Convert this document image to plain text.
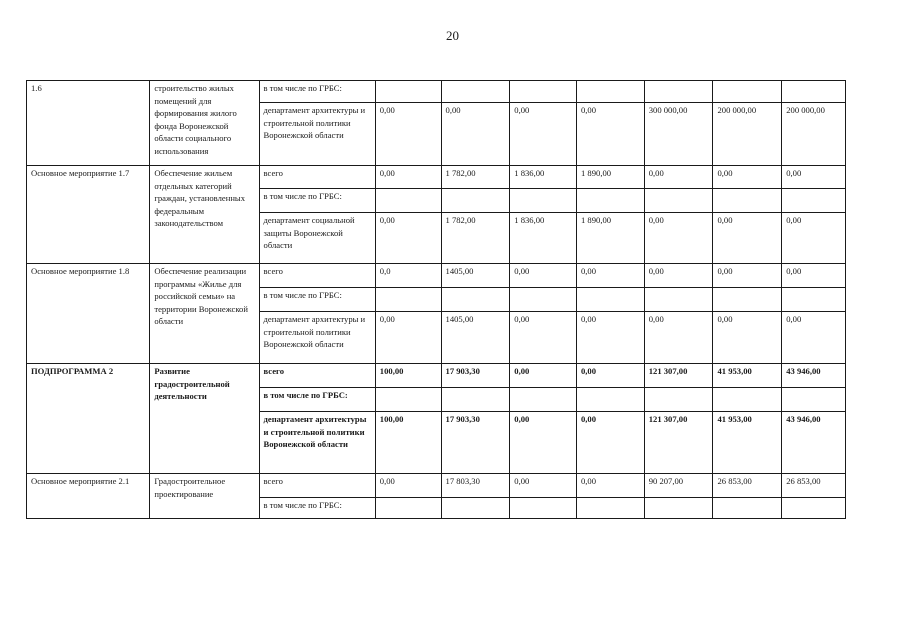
20
1.6	строительство жилых помещений для формирования жилого фонда Воронежской области социального использования	в том числе по ГРБС:							
		департамент архитектуры и строительной политики Воронежской области	0,00	0,00	0,00	0,00	300 000,00	200 000,00	200 000,00
Основное мероприятие 1.7	Обеспечение жильем отдельных категорий граждан, установленных федеральным законодательством	всего	0,00	1 782,00	1 836,00	1 890,00	0,00	0,00	0,00
		в том числе по ГРБС:							
		департамент социальной защиты Воронежской области	0,00	1 782,00	1 836,00	1 890,00	0,00	0,00	0,00
Основное мероприятие 1.8	Обеспечение реализации программы «Жилье для российской семьи» на территории Воронежской области	всего	0,0	1405,00	0,00	0,00	0,00	0,00	0,00
		в том числе по ГРБС:							
		департамент архитектуры и строительной политики Воронежской области	0,00	1405,00	0,00	0,00	0,00	0,00	0,00
ПОДПРОГРАММА 2	Развитие градостроительной деятельности	всего	100,00	17 903,30	0,00	0,00	121 307,00	41 953,00	43 946,00
		в том числе по ГРБС:							
		департамент архитектуры и строительной политики Воронежской области	100,00	17 903,30	0,00	0,00	121 307,00	41 953,00	43 946,00
Основное мероприятие 2.1	Градостроительное проектирование	всего	0,00	17 803,30	0,00	0,00	90 207,00	26 853,00	26 853,00
		в том числе по ГРБС:							
